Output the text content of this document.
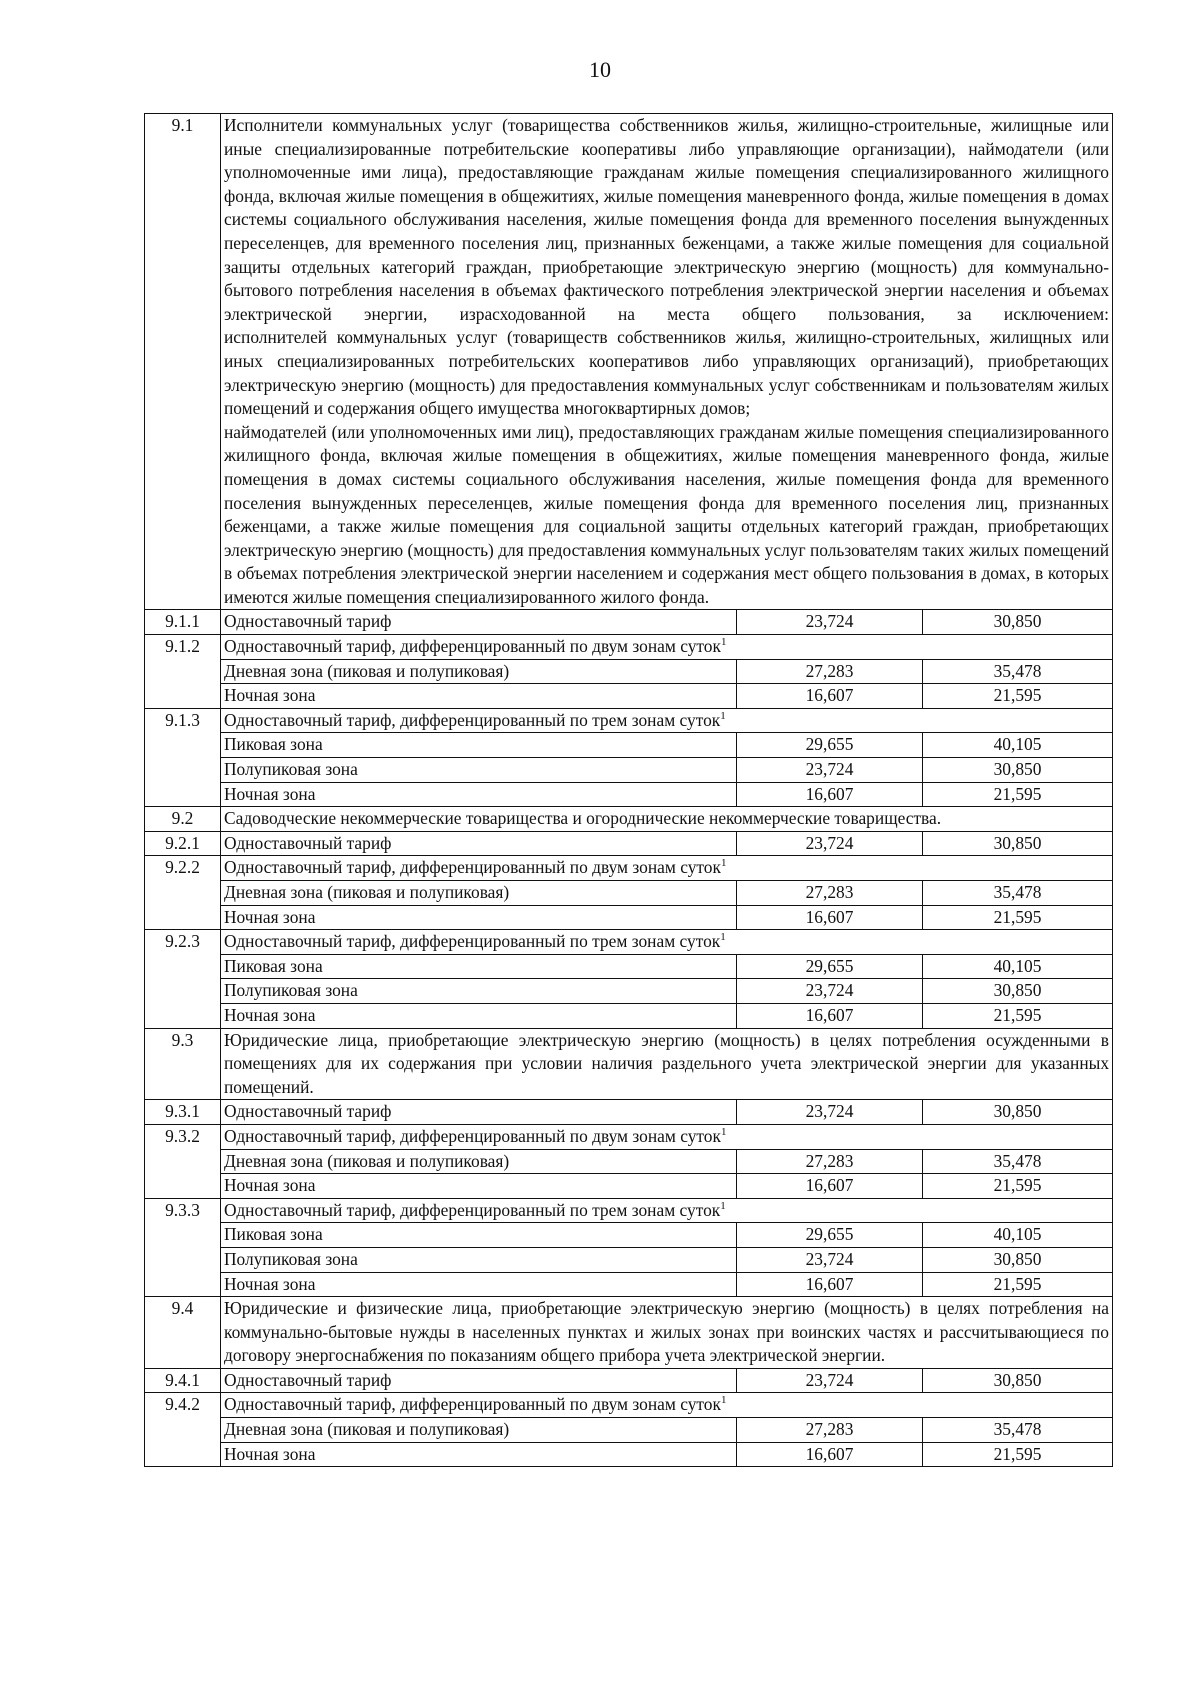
10
9.1	Исполнители коммунальных услуг (товарищества собственников жилья, жилищно-строительные, жилищные или иные специализированные потребительские кооперативы либо управляющие организации), наймодатели (или уполномоченные ими лица), предоставляющие гражданам жилые помещения специализированного жилищного фонда, включая жилые помещения в общежитиях, жилые помещения маневренного фонда, жилые помещения в домах системы социального обслуживания населения, жилые помещения фонда для временного поселения вынужденных переселенцев, для временного поселения лиц, признанных беженцами, а также жилые помещения для социальной защиты отдельных категорий граждан, приобретающие электрическую энергию (мощность) для коммунально-бытового потребления населения в объемах фактического потребления электрической энергии населения и объемах электрической энергии, израсходованной на места общего пользования, за исключением:

исполнителей коммунальных услуг (товариществ собственников жилья, жилищно-строительных, жилищных или иных специализированных потребительских кооперативов либо управляющих организаций), приобретающих электрическую энергию (мощность) для предоставления коммунальных услуг собственникам и пользователям жилых помещений и содержания общего имущества многоквартирных домов;

наймодателей (или уполномоченных ими лиц), предоставляющих гражданам жилые помещения специализированного жилищного фонда, включая жилые помещения в общежитиях, жилые помещения маневренного фонда, жилые помещения в домах системы социального обслуживания населения, жилые помещения фонда для временного поселения вынужденных переселенцев, жилые помещения фонда для временного поселения лиц, признанных беженцами, а также жилые помещения для социальной защиты отдельных категорий граждан, приобретающих электрическую энергию (мощность) для предоставления коммунальных услуг пользователям таких жилых помещений в объемах потребления электрической энергии населением и содержания мест общего пользования в домах, в которых имеются жилые помещения специализированного жилого фонда.		

9.1.1	Одноставочный тариф	23,724	30,850
9.1.2	Одноставочный тариф, дифференцированный по двум зонам суток$^1$
	Дневная зона (пиковая и полупиковая)	27,283	35,478
	Ночная зона	16,607	21,595
9.1.3	Одноставочный тариф, дифференцированный по трем зонам суток$^1$
	Пиковая зона	29,655	40,105
	Полупиковая зона	23,724	30,850
	Ночная зона	16,607	21,595
9.2	Садоводческие некоммерческие товарищества и огороднические некоммерческие товарищества.		

9.2.1	Одноставочный тариф	23,724	30,850
9.2.2	Одноставочный тариф, дифференцированный по двум зонам суток$^1$
	Дневная зона (пиковая и полупиковая)	27,283	35,478
	Ночная зона	16,607	21,595
9.2.3	Одноставочный тариф, дифференцированный по трем зонам суток$^1$
	Пиковая зона	29,655	40,105
	Полупиковая зона	23,724	30,850
	Ночная зона	16,607	21,595
9.3	Юридические лица, приобретающие электрическую энергию (мощность) в целях потребления осужденными в помещениях для их содержания при условии наличия раздельного учета электрической энергии для указанных помещений.		

9.3.1	Одноставочный тариф	23,724	30,850
9.3.2	Одноставочный тариф, дифференцированный по двум зонам суток$^1$
	Дневная зона (пиковая и полупиковая)	27,283	35,478
	Ночная зона	16,607	21,595
9.3.3	Одноставочный тариф, дифференцированный по трем зонам суток$^1$
	Пиковая зона	29,655	40,105
	Полупиковая зона	23,724	30,850
	Ночная зона	16,607	21,595
9.4	Юридические и физические лица, приобретающие электрическую энергию (мощность) в целях потребления на коммунально-бытовые нужды в населенных пунктах и жилых зонах при воинских частях и рассчитывающиеся по договору энергоснабжения по показаниям общего прибора учета электрической энергии.		

9.4.1	Одноставочный тариф	23,724	30,850
9.4.2	Одноставочный тариф, дифференцированный по двум зонам суток$^1$
	Дневная зона (пиковая и полупиковая)	27,283	35,478
	Ночная зона	16,607	21,595
